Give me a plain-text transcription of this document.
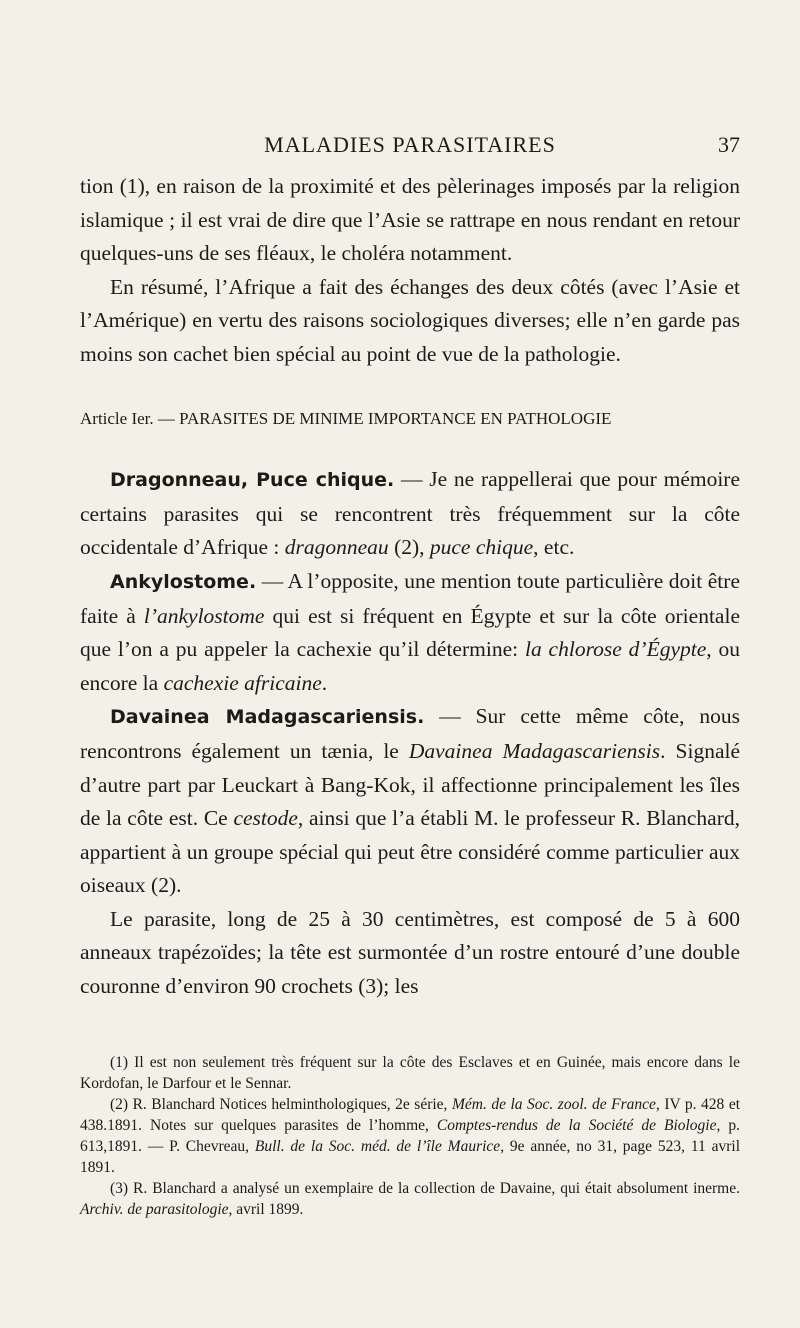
MALADIES PARASITAIRES	37

tion (1), en raison de la proximité et des pèlerinages imposés par la religion islamique ; il est vrai de dire que l’Asie se rattrape en nous rendant en retour quelques-uns de ses fléaux, le choléra notamment.

En résumé, l’Afrique a fait des échanges des deux côtés (avec l’Asie et l’Amérique) en vertu des raisons sociologiques diverses; elle n’en garde pas moins son cachet bien spécial au point de vue de la pathologie.

Article Ier. — PARASITES DE MINIME IMPORTANCE EN PATHOLOGIE

Dragonneau, Puce chique. — Je ne rappellerai que pour mémoire certains parasites qui se rencontrent très fréquemment sur la côte occidentale d’Afrique : dragonneau (2), puce chique, etc.

Ankylostome. — A l’opposite, une mention toute particulière doit être faite à l’ankylostome qui est si fréquent en Égypte et sur la côte orientale que l’on a pu appeler la cachexie qu’il détermine: la chlorose d’Égypte, ou encore la cachexie africaine.

Davainea Madagascariensis. — Sur cette même côte, nous rencontrons également un tænia, le Davainea Madagascariensis. Signalé d’autre part par Leuckart à Bang-Kok, il affectionne principalement les îles de la côte est. Ce cestode, ainsi que l’a établi M. le professeur R. Blanchard, appartient à un groupe spécial qui peut être considéré comme particulier aux oiseaux (2).

Le parasite, long de 25 à 30 centimètres, est composé de 5 à 600 anneaux trapézoïdes; la tête est surmontée d’un rostre entouré d’une double couronne d’environ 90 crochets (3); les

(1) Il est non seulement très fréquent sur la côte des Esclaves et en Guinée, mais encore dans le Kordofan, le Darfour et le Sennar.

(2) R. Blanchard Notices helminthologiques, 2e série, Mém. de la Soc. zool. de France, IV p. 428 et 438.1891. Notes sur quelques parasites de l’homme, Comptes-rendus de la Société de Biologie, p. 613,1891. — P. Chevreau, Bull. de la Soc. méd. de l’île Maurice, 9e année, no 31, page 523, 11 avril 1891.

(3) R. Blanchard a analysé un exemplaire de la collection de Davaine, qui était absolument inerme. Archiv. de parasitologie, avril 1899.
